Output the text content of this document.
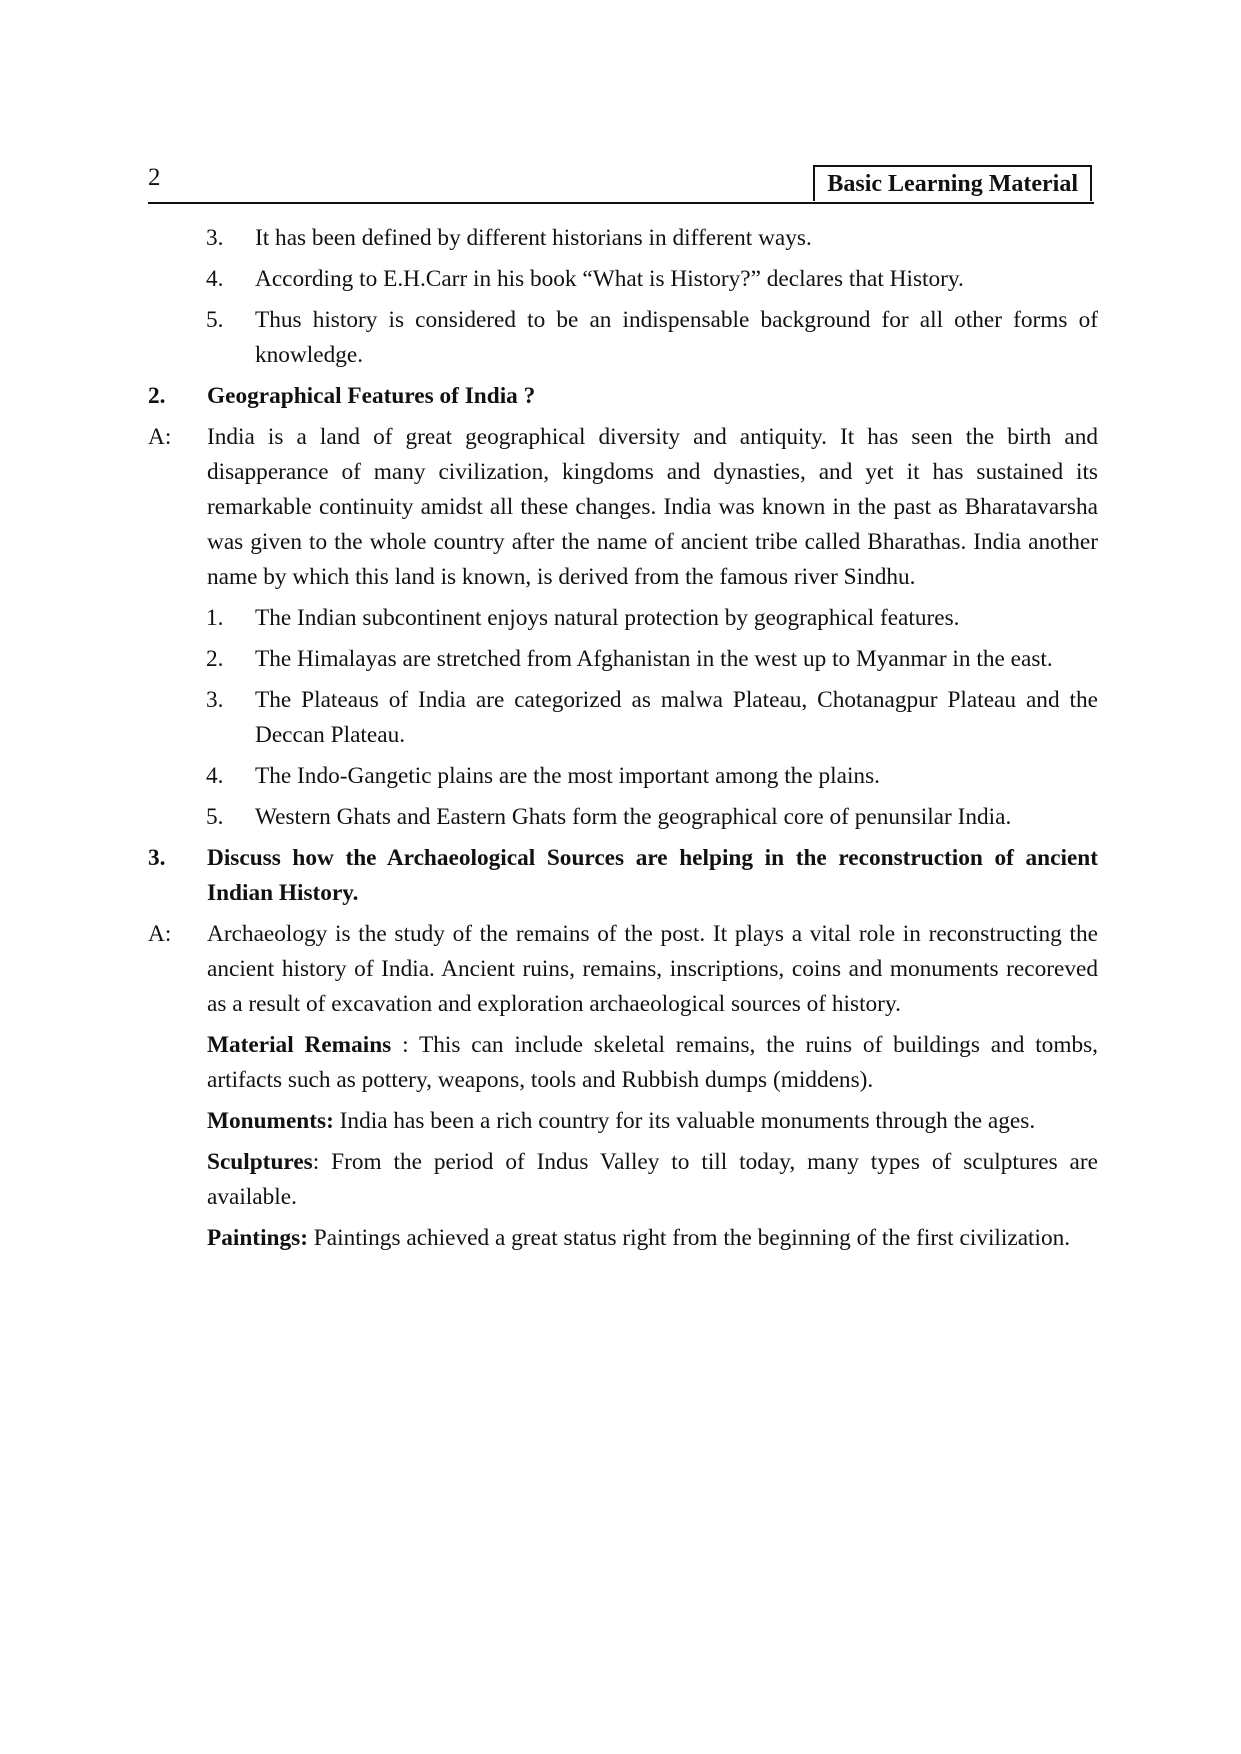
2	Basic Learning Material
3. It has been defined by different historians in different ways.
4. According to E.H.Carr in his book “What is History?” declares that History.
5. Thus history is considered to be an indispensable background for all other forms of knowledge.
2. Geographical Features of India ?
A: India is a land of great geographical diversity and antiquity. It has seen the birth and disapperance of many civilization, kingdoms and dynasties, and yet it has sustained its remarkable continuity amidst all these changes. India was known in the past as Bharatavarsha was given to the whole country after the name of ancient tribe called Bharathas. India another name by which this land is known, is derived from the famous river Sindhu.
1. The Indian subcontinent enjoys natural protection by geographical features.
2. The Himalayas are stretched from Afghanistan in the west up to Myanmar in the east.
3. The Plateaus of India are categorized as malwa Plateau, Chotanagpur Plateau and the Deccan Plateau.
4. The Indo-Gangetic plains are the most important among the plains.
5. Western Ghats and Eastern Ghats form the geographical core of penunsilar India.
3. Discuss how the Archaeological Sources are helping in the reconstruction of ancient Indian History.
A: Archaeology is the study of the remains of the post. It plays a vital role in reconstructing the ancient history of India. Ancient ruins, remains, inscriptions, coins and monuments recoreved as a result of excavation and exploration archaeological sources of history.
Material Remains : This can include skeletal remains, the ruins of buildings and tombs, artifacts such as pottery, weapons, tools and Rubbish dumps (middens).
Monuments: India has been a rich country for its valuable monuments through the ages.
Sculptures: From the period of Indus Valley to till today, many types of sculptures are available.
Paintings: Paintings achieved a great status right from the beginning of the first civilization.
